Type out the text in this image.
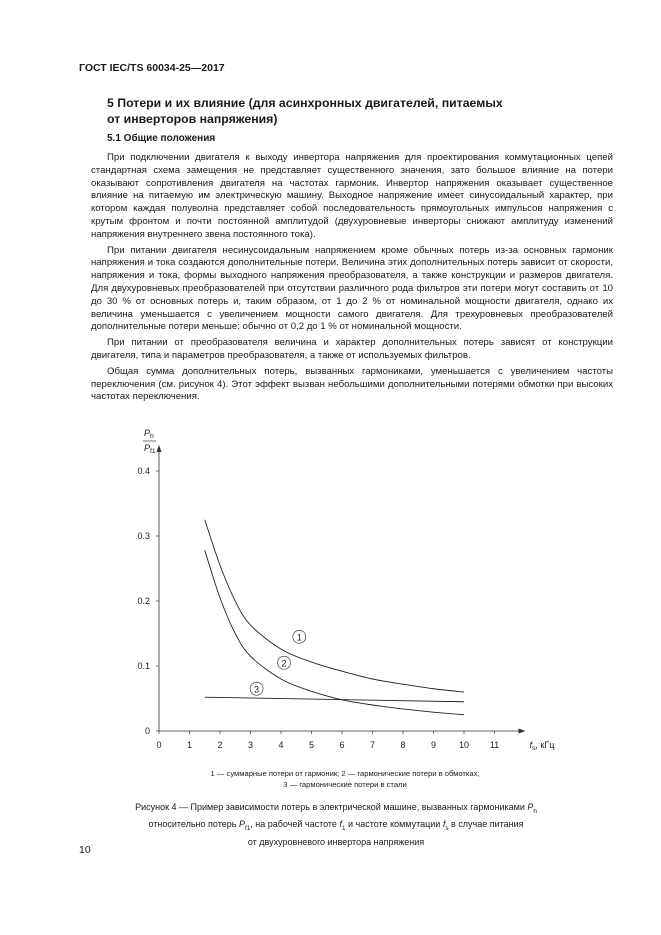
ГОСТ IEC/TS 60034-25—2017
5 Потери и их влияние (для асинхронных двигателей, питаемых
от инверторов напряжения)
5.1 Общие положения

При подключении двигателя к выходу инвертора напряжения для проектирования коммутационных цепей стандартная схема замещения не представляет существенного значения, зато большое влияние на потери оказывают сопротивления двигателя на частотах гармоник. Инвертор напряжения оказывает существенное влияние на питаемую им электрическую машину. Выходное напряжение имеет синусоидальный характер, при котором каждая полуволна представляет собой последовательность прямоугольных импульсов напряжения с крутым фронтом и почти постоянной амплитудой (двухуровневые инверторы снижают амплитуду изменений напряжения внутреннего звена постоянного тока).

При питании двигателя несинусоидальным напряжением кроме обычных потерь из-за основных гармоник напряжения и тока создаются дополнительные потери. Величина этих дополнительных потерь зависит от скорости, напряжения и тока, формы выходного напряжения преобразователя, а также конструкции и размеров двигателя. Для двухуровневых преобразователей при отсутствии различного рода фильтров эти потери могут составить от 10 до 30 % от основных потерь и, таким образом, от 1 до 2 % от номинальной мощности двигателя, однако их величина уменьшается с увеличением мощности самого двигателя. Для трехуровневых преобразователей дополнительные потери меньше: обычно от 0,2 до 1 % от номинальной мощности.

При питании от преобразователя величина и характер дополнительных потерь зависят от конструкции двигателя, типа и параметров преобразователя, а также от используемых фильтров.

Общая сумма дополнительных потерь, вызванных гармониками, уменьшается с увеличением частоты переключения (см. рисунок 4). Этот эффект вызван небольшими дополнительными потерями обмотки при высоких частотах переключения.

0	1	2	3	4	5	6	7	8	9	10 11
0
0.1
0.2
0.3
0.4
$P_h$
$P_{f1}$
$f_s$, кГц
1
2
3
1 — суммарные потери от гармоник; 2 — гармонические потери в обмотках;
3 — гармонические потери в стали
Рисунок 4 — Пример зависимости потерь в электрической машине, вызванных гармониками $P_h$
относительно потерь $P_{f1}$, на рабочей частоте $f_1$ и частоте коммутации $f_s$ в случае питания
от двухуровневого инвертора напряжения
10
